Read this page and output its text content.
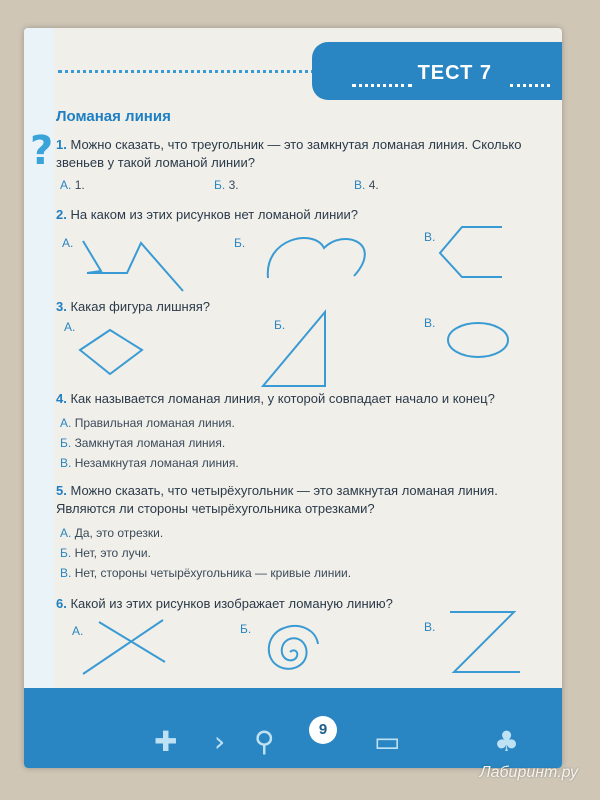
?
ТЕСТ 7
Ломаная линия
1. Можно сказать, что треугольник — это замкнутая ломаная линия. Сколько звеньев у такой ломаной линии?
А. 1.	Б. 3.	В. 4.
2. На каком из этих рисунков нет ломаной линии?
А.	Б.	В.
3. Какая фигура лишняя?
А.	Б.	В.
4. Как называется ломаная линия, у которой совпадает начало и конец?
А. Правильная ломаная линия.
Б. Замкнутая ломаная линия.
В. Незамкнутая ломаная линия.
5. Можно сказать, что четырёхугольник — это замкнутая ломаная линия. Являются ли стороны четырёхугольника отрезками?
А. Да, это отрезки.
Б. Нет, это лучи.
В. Нет, стороны четырёхугольника — кривые линии.
6. Какой из этих рисунков изображает ломаную линию?
А.	Б.	В.
✚ › ⚲	▭	♣
9
Лабиринт.ру
